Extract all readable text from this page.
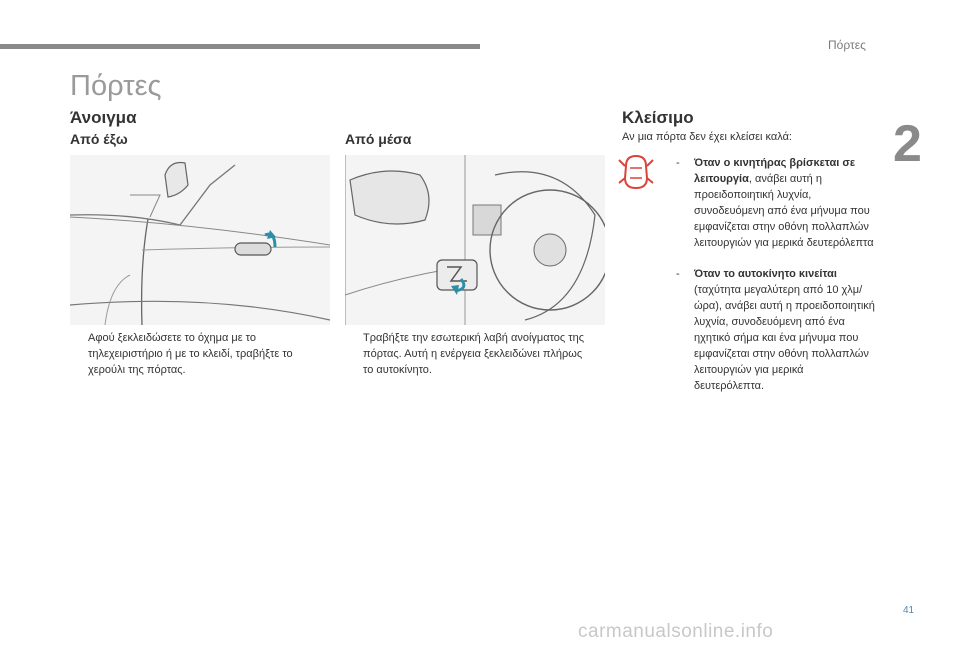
Πόρτες
2
Πόρτες
Άνοιγμα
Από έξω	Από μέσα
Αφού ξεκλειδώσετε το όχημα με το τηλεχειριστήριο ή με το κλειδί, τραβήξτε το χερούλι της πόρτας.
Τραβήξτε την εσωτερική λαβή ανοίγματος της πόρτας. Αυτή η ενέργεια ξεκλειδώνει πλήρως το αυτοκίνητο.
Κλείσιμο
Αν μια πόρτα δεν έχει κλείσει καλά:
-	Όταν ο κινητήρας βρίσκεται σε λειτουργία, ανάβει αυτή η προειδοποιητική λυχνία, συνοδευόμενη από ένα μήνυμα που εμφανίζεται στην οθόνη πολλαπλών λειτουργιών για μερικά δευτερόλεπτα
-	Όταν το αυτοκίνητο κινείται (ταχύτητα μεγαλύτερη από 10 χλμ/ώρα), ανάβει αυτή η προειδοποιητική λυχνία, συνοδευόμενη από ένα ηχητικό σήμα και ένα μήνυμα που εμφανίζεται στην οθόνη πολλαπλών λειτουργιών για μερικά δευτερόλεπτα.
41
carmanualsonline.info
